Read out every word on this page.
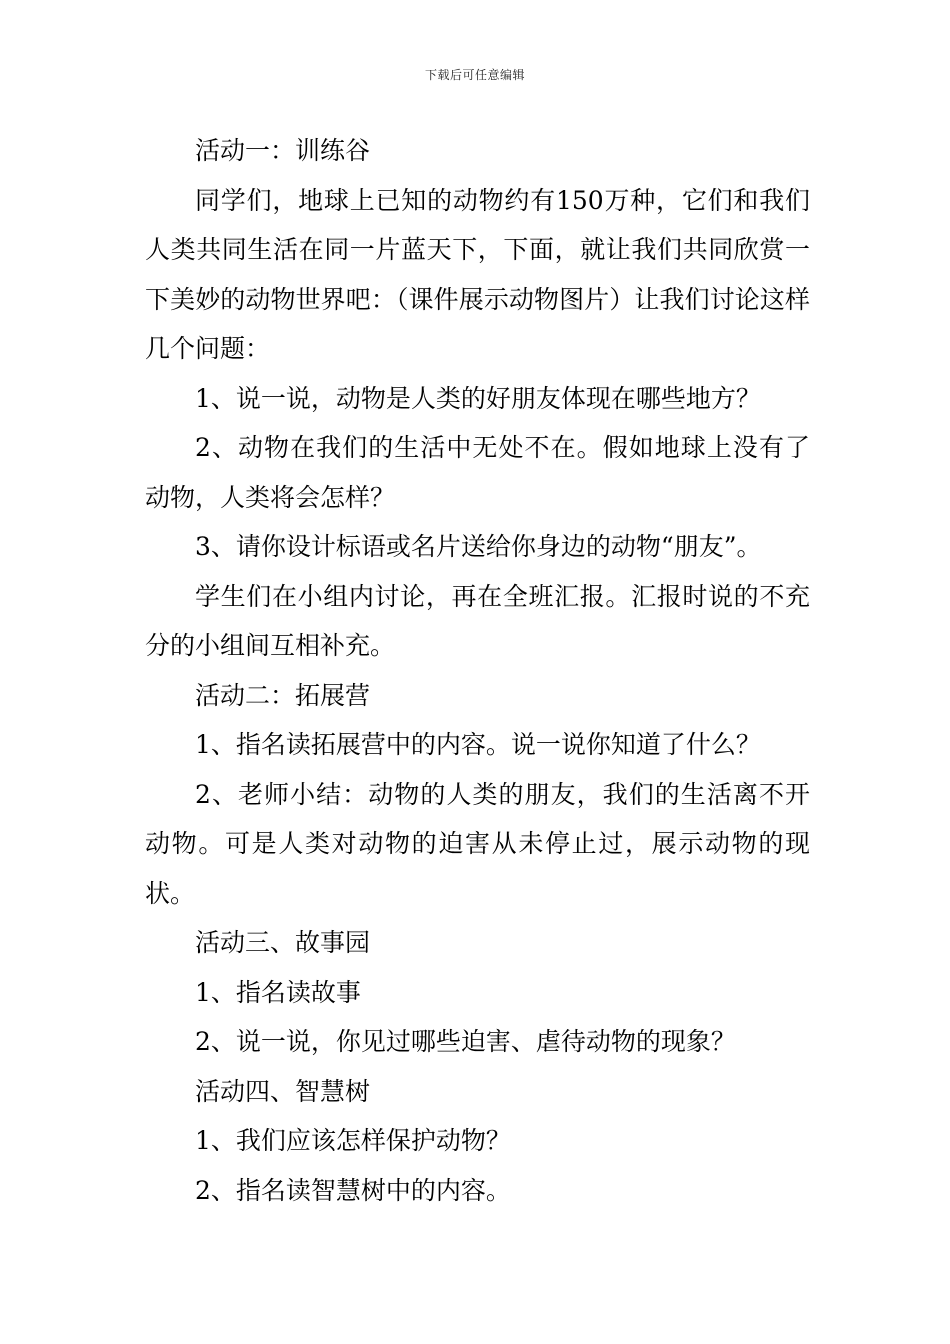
下载后可任意编辑

活动一：训练谷

同学们，地球上已知的动物约有150万种，它们和我们人类共同生活在同一片蓝天下，下面，就让我们共同欣赏一下美妙的动物世界吧：（课件展示动物图片）让我们讨论这样几个问题：

1、说一说，动物是人类的好朋友体现在哪些地方？

2、动物在我们的生活中无处不在。假如地球上没有了动物，人类将会怎样？

3、请你设计标语或名片送给你身边的动物“朋友”。

学生们在小组内讨论，再在全班汇报。汇报时说的不充分的小组间互相补充。

活动二：拓展营

1、指名读拓展营中的内容。说一说你知道了什么？

2、老师小结：动物的人类的朋友，我们的生活离不开动物。可是人类对动物的迫害从未停止过，展示动物的现状。

活动三、故事园

1、指名读故事

2、说一说，你见过哪些迫害、虐待动物的现象？

活动四、智慧树

1、我们应该怎样保护动物？

2、指名读智慧树中的内容。
